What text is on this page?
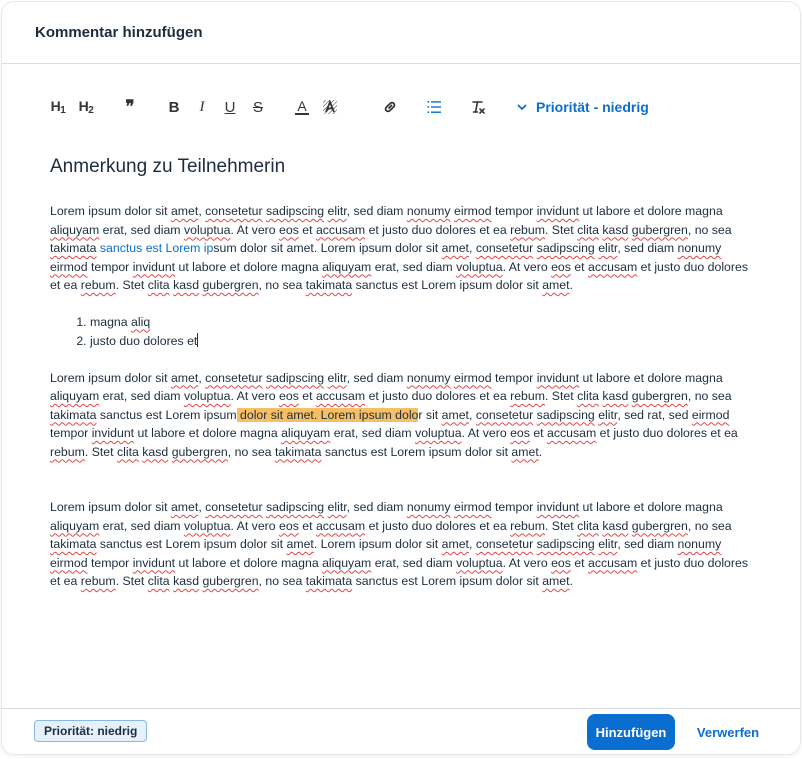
Kommentar hinzufügen
H1 H2 ❞ B I U S A	Priorität - niedrig
Anmerkung zu Teilnehmerin

Lorem ipsum dolor sit amet, consetetur sadipscing elitr, sed diam nonumy eirmod tempor invidunt ut labore et dolore magna aliquyam erat, sed diam voluptua. At vero eos et accusam et justo duo dolores et ea rebum. Stet clita kasd gubergren, no sea takimata sanctus est Lorem ipsum dolor sit amet. Lorem ipsum dolor sit amet, consetetur sadipscing elitr, sed diam nonumy eirmod tempor invidunt ut labore et dolore magna aliquyam erat, sed diam voluptua. At vero eos et accusam et justo duo dolores et ea rebum. Stet clita kasd gubergren, no sea takimata sanctus est Lorem ipsum dolor sit amet.

1. magna aliq
2. justo duo dolores et

Lorem ipsum dolor sit amet, consetetur sadipscing elitr, sed diam nonumy eirmod tempor invidunt ut labore et dolore magna aliquyam erat, sed diam voluptua. At vero eos et accusam et justo duo dolores et ea rebum. Stet clita kasd gubergren, no sea takimata sanctus est Lorem ipsum dolor sit amet. Lorem ipsum dolor sit amet, consetetur sadipscing elitr, sed rat, sed eirmod tempor invidunt ut labore et dolore magna aliquyam erat, sed diam voluptua. At vero eos et accusam et justo duo dolores et ea rebum. Stet clita kasd gubergren, no sea takimata sanctus est Lorem ipsum dolor sit amet.

Lorem ipsum dolor sit amet, consetetur sadipscing elitr, sed diam nonumy eirmod tempor invidunt ut labore et dolore magna aliquyam erat, sed diam voluptua. At vero eos et accusam et justo duo dolores et ea rebum. Stet clita kasd gubergren, no sea takimata sanctus est Lorem ipsum dolor sit amet. Lorem ipsum dolor sit amet, consetetur sadipscing elitr, sed diam nonumy eirmod tempor invidunt ut labore et dolore magna aliquyam erat, sed diam voluptua. At vero eos et accusam et justo duo dolores et ea rebum. Stet clita kasd gubergren, no sea takimata sanctus est Lorem ipsum dolor sit amet.

Priorität: niedrig	Hinzufügen	Verwerfen
